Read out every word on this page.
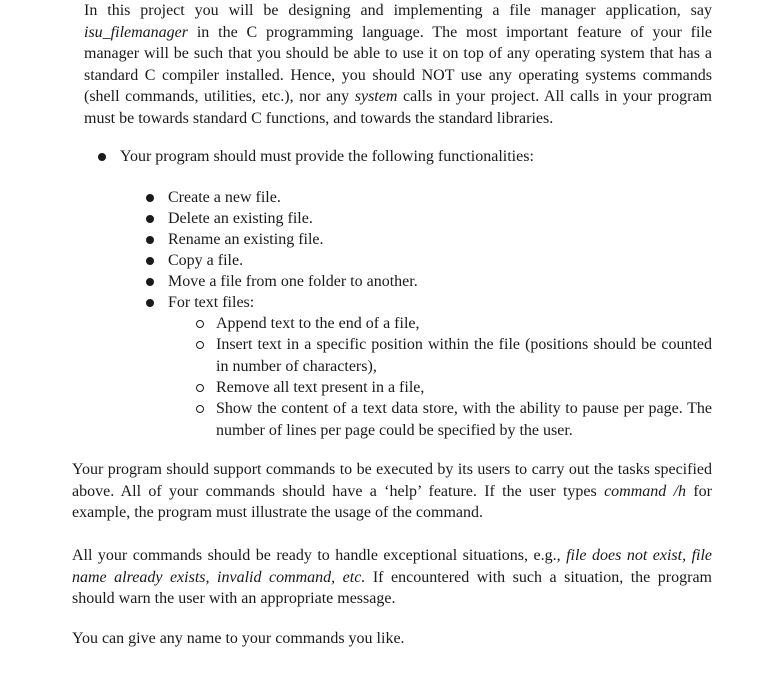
In this project you will be designing and implementing a file manager application, say isu_filemanager in the C programming language. The most important feature of your file manager will be such that you should be able to use it on top of any operating system that has a standard C compiler installed. Hence, you should NOT use any operating systems commands (shell commands, utilities, etc.), nor any system calls in your project. All calls in your program must be towards standard C functions, and towards the standard libraries.

Your program should must provide the following functionalities:
Create a new file.
Delete an existing file.
Rename an existing file.
Copy a file.
Move a file from one folder to another.
For text files:
Append text to the end of a file,
Insert text in a specific position within the file (positions should be counted in number of characters),
Remove all text present in a file,
Show the content of a text data store, with the ability to pause per page. The number of lines per page could be specified by the user.

Your program should support commands to be executed by its users to carry out the tasks specified above. All of your commands should have a ‘help’ feature. If the user types command /h for example, the program must illustrate the usage of the command.

All your commands should be ready to handle exceptional situations, e.g., file does not exist, file name already exists, invalid command, etc. If encountered with such a situation, the program should warn the user with an appropriate message.

You can give any name to your commands you like.
